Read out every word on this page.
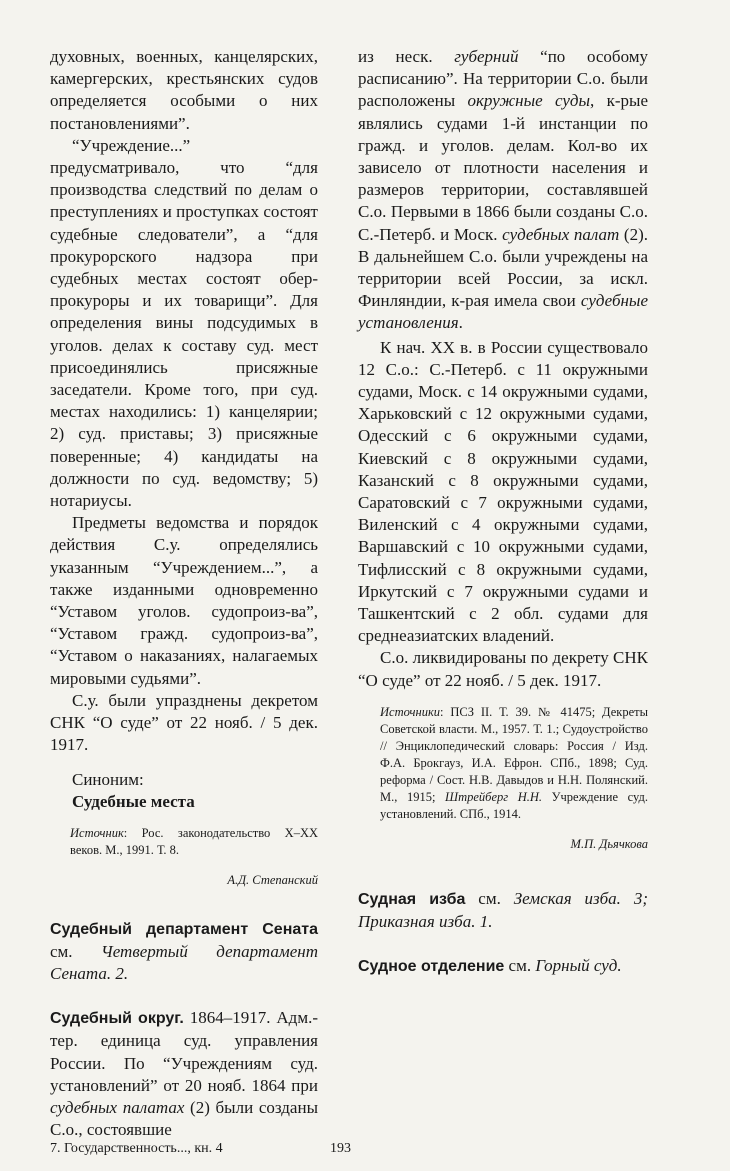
духовных, военных, канцелярских, камергерских, крестьянских судов определяется особыми о них постановлениями”.

“Учреждение...” предусматривало, что “для производства следствий по делам о преступлениях и проступках состоят судебные следователи”, а “для прокурорского надзора при судебных местах состоят обер-прокуроры и их товарищи”. Для определения вины подсудимых в уголов. делах к составу суд. мест присоединялись присяжные заседатели. Кроме того, при суд. местах находились: 1) канцелярии; 2) суд. приставы; 3) присяжные поверенные; 4) кандидаты на должности по суд. ведомству; 5) нотариусы.

Предметы ведомства и порядок действия С.у. определялись указанным “Учреждением...”, а также изданными одновременно “Уставом уголов. судопроиз-ва”, “Уставом гражд. судопроиз-ва”, “Уставом о наказаниях, налагаемых мировыми судьями”.

С.у. были упразднены декретом СНК “О суде” от 22 нояб. / 5 дек. 1917.

Синоним:
Судебные места
Источник: Рос. законодательство X–XX веков. М., 1991. Т. 8.
А.Д. Степанский
Судебный департамент Сената см. Четвертый департамент Сената. 2.
Судебный округ. 1864–1917. Адм.-тер. единица суд. управления России. По “Учреждениям суд. установлений” от 20 нояб. 1864 при судебных палатах (2) были созданы С.о., состоявшие

из неск. губерний “по особому расписанию”. На территории С.о. были расположены окружные суды, к-рые являлись судами 1-й инстанции по гражд. и уголов. делам. Кол-во их зависело от плотности населения и размеров территории, составлявшей С.о. Первыми в 1866 были созданы С.о. С.-Петерб. и Моск. судебных палат (2). В дальнейшем С.о. были учреждены на территории всей России, за искл. Финляндии, к-рая имела свои судебные установления.

К нач. XX в. в России существовало 12 С.о.: С.-Петерб. с 11 окружными судами, Моск. с 14 окружными судами, Харьковский с 12 окружными судами, Одесский с 6 окружными судами, Киевский с 8 окружными судами, Казанский с 8 окружными судами, Саратовский с 7 окружными судами, Виленский с 4 окружными судами, Варшавский с 10 окружными судами, Тифлисский с 8 окружными судами, Иркутский с 7 окружными судами и Ташкентский с 2 обл. судами для среднеазиатских владений.

С.о. ликвидированы по декрету СНК “О суде” от 22 нояб. / 5 дек. 1917.

Источники: ПСЗ II. Т. 39. № 41475; Декреты Советской власти. М., 1957. Т. 1.; Судоустройство // Энциклопедический словарь: Россия / Изд. Ф.А. Брокгауз, И.А. Ефрон. СПб., 1898; Суд. реформа / Сост. Н.В. Давыдов и Н.Н. Полянский. М., 1915; Штрейберг Н.Н. Учреждение суд. установлений. СПб., 1914.
М.П. Дьячкова
Судная изба см. Земская изба. 3; Приказная изба. 1.
Судное отделение см. Горный суд.
7. Государственность..., кн. 4	193
